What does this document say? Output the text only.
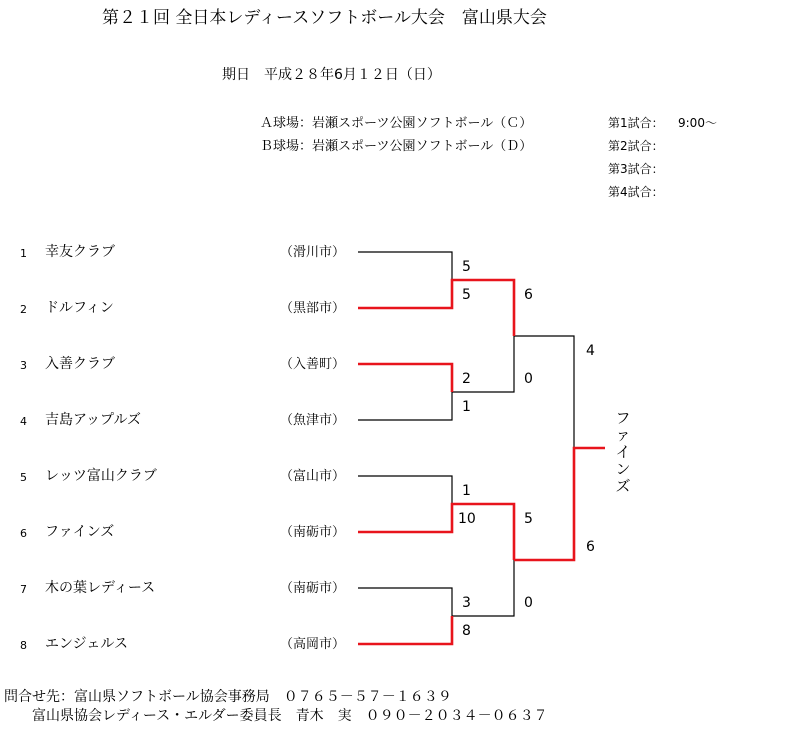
第２１回 全日本レディースソフトボール大会　富山県大会
期日　平成２８年6月１２日（日）
Ａ球場：岩瀬スポーツ公園ソフトボール（Ｃ）
Ｂ球場：岩瀬スポーツ公園ソフトボール（Ｄ）
第1試合： 9:00～
第2試合：
第3試合：
第4試合：
1 幸友クラブ	（滑川市）
2 ドルフィン	（黒部市）
3 入善クラブ	（入善町）
4 吉島アップルズ	（魚津市）
5 レッツ富山クラブ	（富山市）
6 ファインズ	（南砺市）
7 木の葉レディース	（南砺市）
8 エンジェルス	（高岡市）
5
5
2
1
1
10
3
8
6
0
5
0
4
6
フ
ァ
イ
ン
ズ
問合せ先：富山県ソフトボール協会事務局　０７６５－５７－１６３９
富山県協会レディース・エルダー委員長　青木　実　０９０－２０３４－０６３７
